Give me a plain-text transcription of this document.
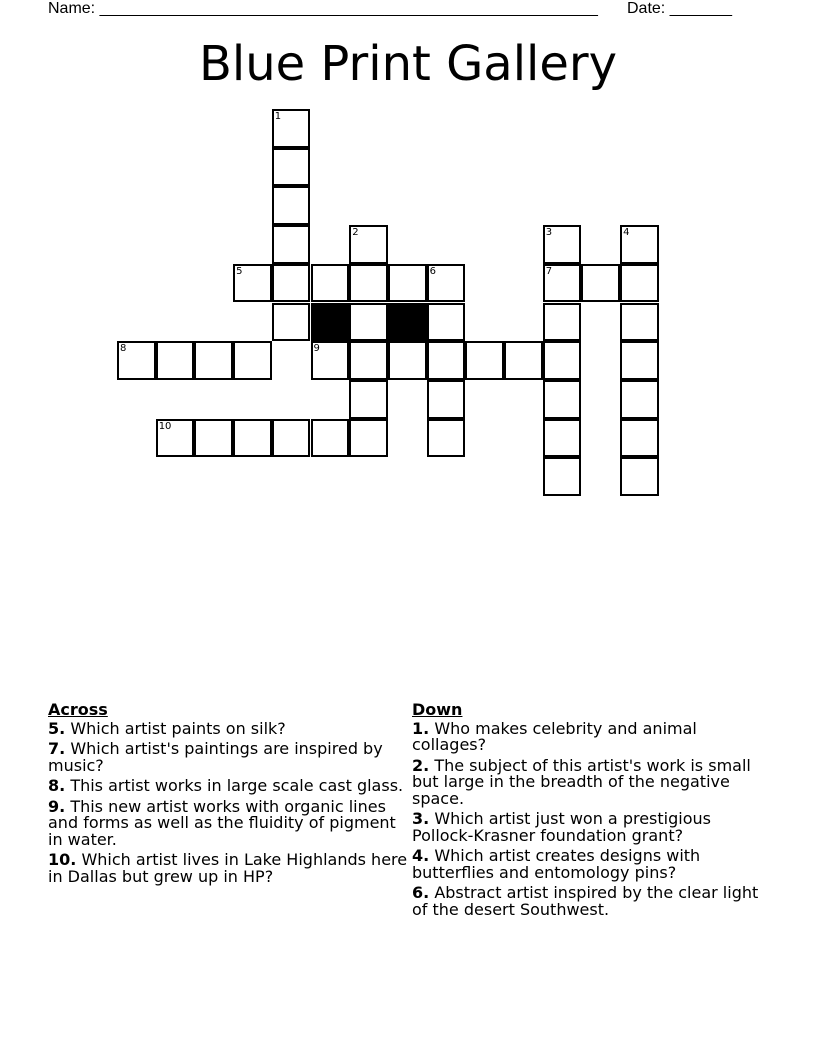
Name: ________________________________________________________ Date: _______
Blue Print Gallery
1
2	3
7
4
5	6
8	9
10
Across
5. Which artist paints on silk?
7. Which artist's paintings are inspired by music?
8. This artist works in large scale cast glass.
9. This new artist works with organic lines and forms as well as the fluidity of pigment in water.
10. Which artist lives in Lake Highlands here in Dallas but grew up in HP?
Down
1. Who makes celebrity and animal collages?
2. The subject of this artist's work is small but large in the breadth of the negative space.
3. Which artist just won a prestigious Pollock-Krasner foundation grant?
4. Which artist creates designs with butterflies and entomology pins?
6. Abstract artist inspired by the clear light of the desert Southwest.
